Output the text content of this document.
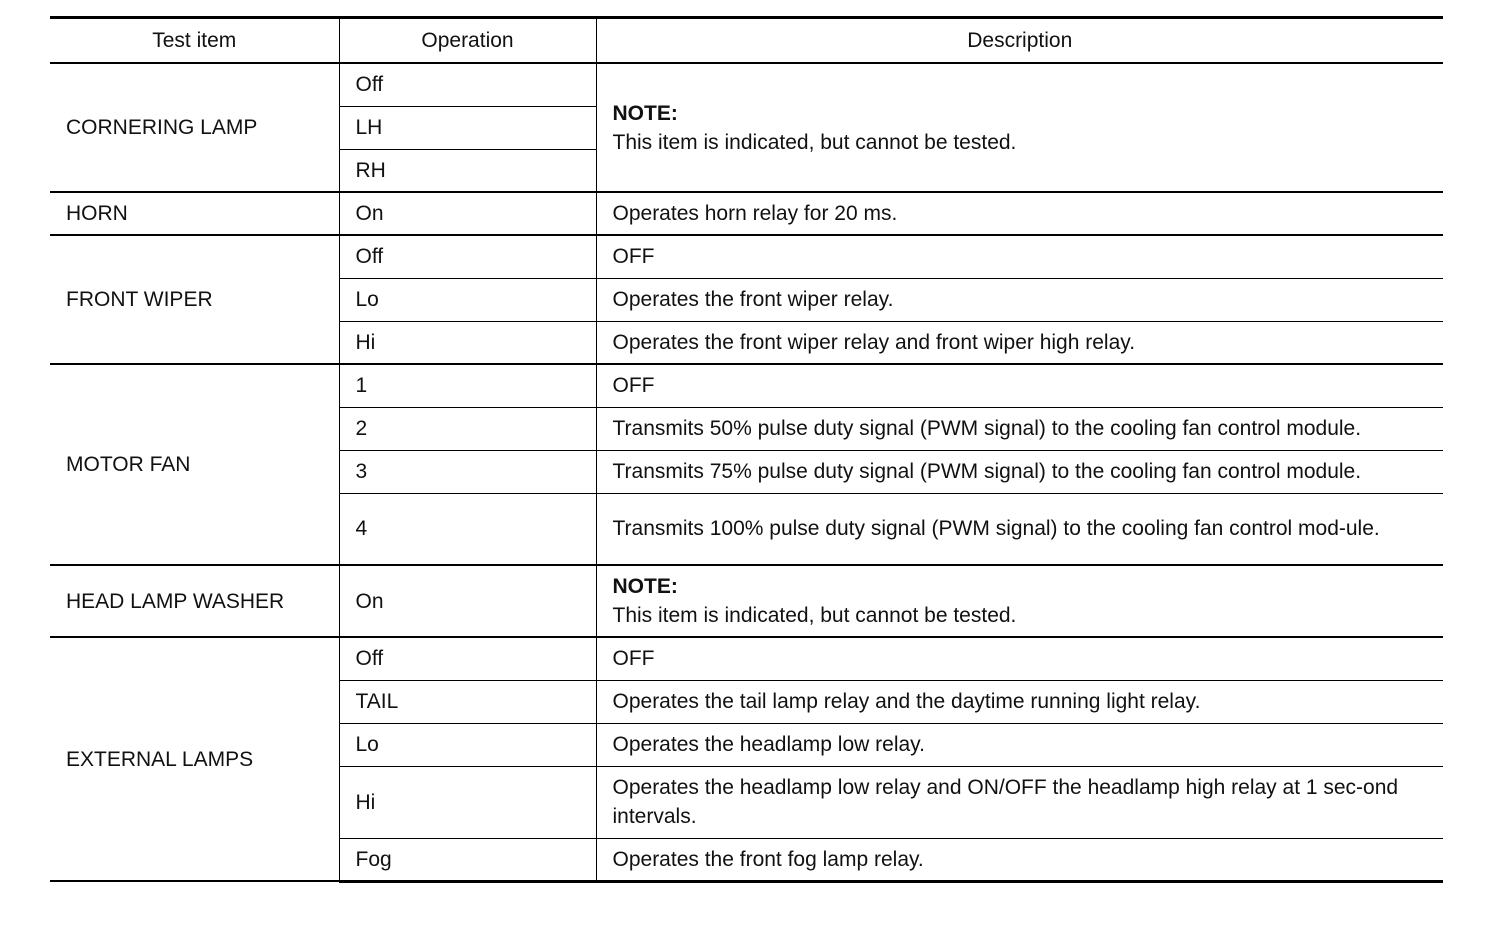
Test item	Operation	Description
CORNERING LAMP	Off	NOTE:
This item is indicated, but cannot be tested.

	LH	
	RH	
HORN	On	Operates horn relay for 20 ms.
FRONT WIPER	Off	OFF
	Lo	Operates the front wiper relay.
	Hi	Operates the front wiper relay and front wiper high relay.
MOTOR FAN	1	OFF
	2	Transmits 50% pulse duty signal (PWM signal) to the cooling fan control module.
	3	Transmits 75% pulse duty signal (PWM signal) to the cooling fan control module.
	4	Transmits 100% pulse duty signal (PWM signal) to the cooling fan control mod-ule.
HEAD LAMP WASHER	On	NOTE:
This item is indicated, but cannot be tested.

EXTERNAL LAMPS	Off	OFF
	TAIL	Operates the tail lamp relay and the daytime running light relay.
	Lo	Operates the headlamp low relay.
	Hi	Operates the headlamp low relay and ON/OFF the headlamp high relay at 1 sec-ond intervals.
	Fog	Operates the front fog lamp relay.
